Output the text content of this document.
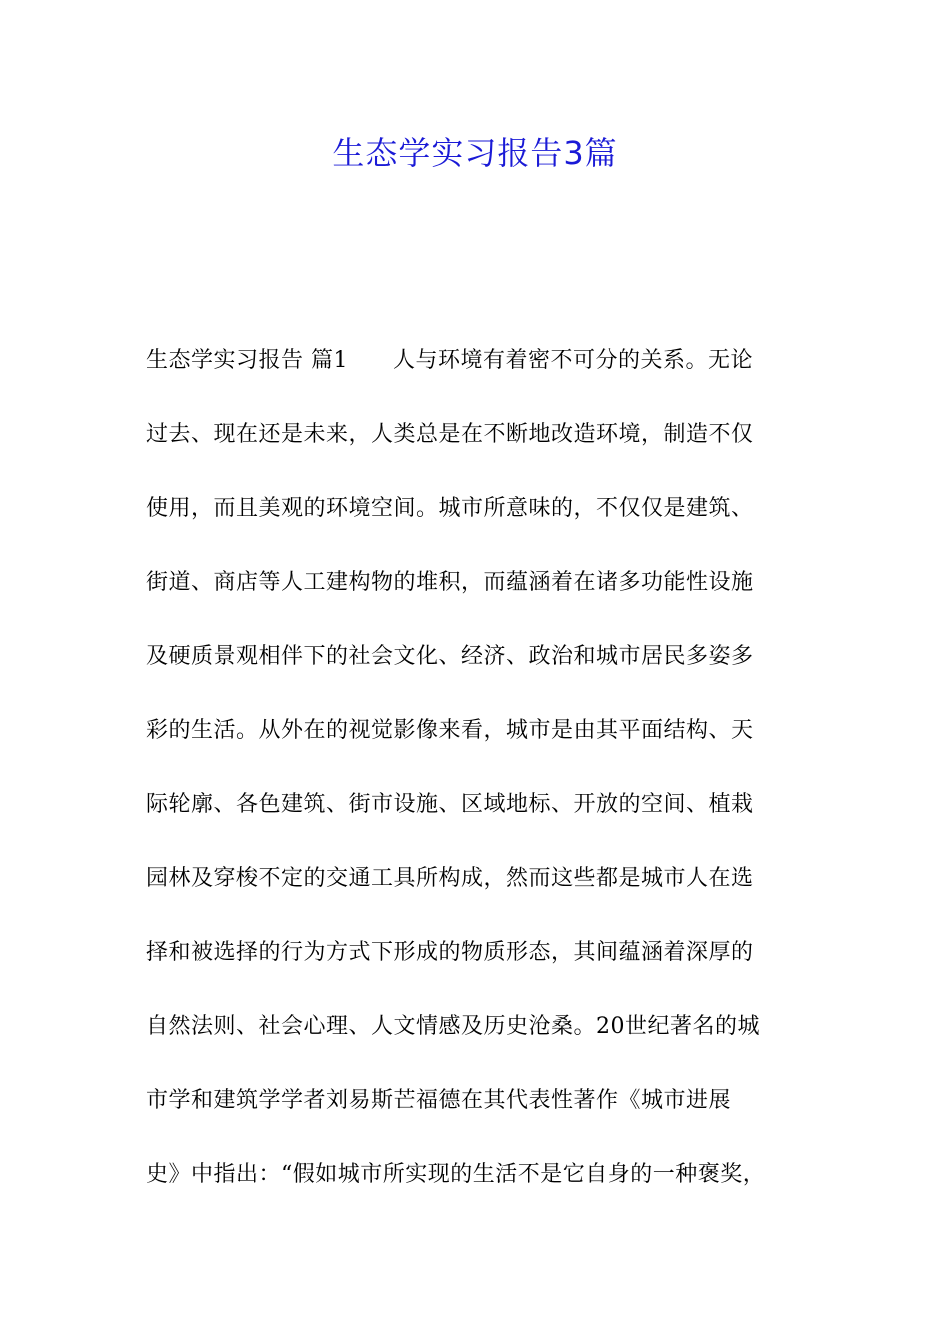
生态学实习报告3篇
生态学实习报告 篇1　　人与环境有着密不可分的关系。无论
过去、现在还是未来，人类总是在不断地改造环境，制造不仅
使用，而且美观的环境空间。城市所意味的，不仅仅是建筑、
街道、商店等人工建构物的堆积，而蕴涵着在诸多功能性设施
及硬质景观相伴下的社会文化、经济、政治和城市居民多姿多
彩的生活。从外在的视觉影像来看，城市是由其平面结构、天
际轮廓、各色建筑、街市设施、区域地标、开放的空间、植栽
园林及穿梭不定的交通工具所构成，然而这些都是城市人在选
择和被选择的行为方式下形成的物质形态，其间蕴涵着深厚的
自然法则、社会心理、人文情感及历史沧桑。20世纪著名的城
市学和建筑学学者刘易斯芒福德在其代表性著作《城市进展
史》中指出：“假如城市所实现的生活不是它自身的一种褒奖，
